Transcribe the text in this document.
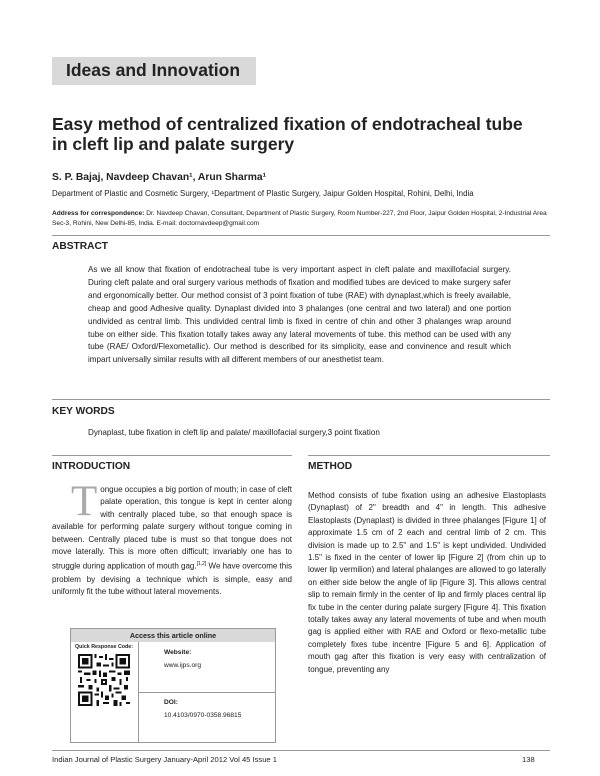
Ideas and Innovation
Easy method of centralized fixation of endotracheal tube
in cleft lip and palate surgery
S. P. Bajaj, Navdeep Chavan¹, Arun Sharma¹
Department of Plastic and Cosmetic Surgery, ¹Department of Plastic Surgery, Jaipur Golden Hospital, Rohini, Delhi, India
Address for correspondence: Dr. Navdeep Chavan, Consultant, Department of Plastic Surgery, Room Number-227, 2nd Floor, Jaipur Golden Hospital, 2-Industrial Area Sec-3, Rohini, New Delhi-85, India. E-mail: doctornavdeep@gmail.com
ABSTRACT
As we all know that fixation of endotracheal tube is very important aspect in cleft palate and maxillofacial surgery. During cleft palate and oral surgery various methods of fixation and modified tubes are deviced to make surgery safer and ergonomically better. Our method consist of 3 point fixation of tube (RAE) with dynaplast,which is freely available, cheap and good Adhesive quality. Dynaplast divided into 3 phalanges (one central and two lateral) and one portion undivided as central limb. This undivided central limb is fixed in centre of chin and other 3 phalanges wrap around tube on either side. This fixation totally takes away any lateral movements of tube. this method can be used with any tube (RAE/ Oxford/Flexometallic). Our method is described for its simplicity, ease and convinence and result which impart universally similar results with all different members of our anesthetist team.
KEY WORDS
Dynaplast, tube fixation in cleft lip and palate/ maxillofacial surgery,3 point fixation
INTRODUCTION	METHOD
Tongue occupies a big portion of mouth; in case of cleft palate operation, this tongue is kept in center along with centrally placed tube, so that enough space is available for performing palate surgery without tongue coming in between. Centrally placed tube is must so that tongue does not move laterally. This is more often difficult; invariably one has to struggle during application of mouth gag.[1,2] We have overcome this problem by devising a technique which is simple, easy and uniformly fit the tube without lateral movements.
Method consists of tube fixation using an adhesive Elastoplasts (Dynaplast) of 2" breadth and 4" in length. This adhesive Elastoplasts (Dynaplast) is divided in three phalanges [Figure 1] of approximate 1.5 cm of 2 each and central limb of 2 cm. This division is made up to 2.5" and 1.5" is kept undivided. Undivided 1.5" is fixed in the center of lower lip [Figure 2] (from chin up to lower lip vermilion) and lateral phalanges are allowed to go laterally on either side below the angle of lip [Figure 3]. This allows central slip to remain firmly in the center of lip and firmly places central lip fix tube in the center during palate surgery [Figure 4]. This fixation totally takes away any lateral movements of tube and when mouth gag is applied either with RAE and Oxford or flexo-metallic tube completely fixes tube incentre [Figure 5 and 6]. Application of mouth gag after this fixation is very easy with centralization of tongue, preventing any
Access this article online
Quick Response Code:
Website:
www.ijps.org
DOI:
10.4103/0970-0358.96815
Indian Journal of Plastic Surgery January-April 2012 Vol 45 Issue 1	138
